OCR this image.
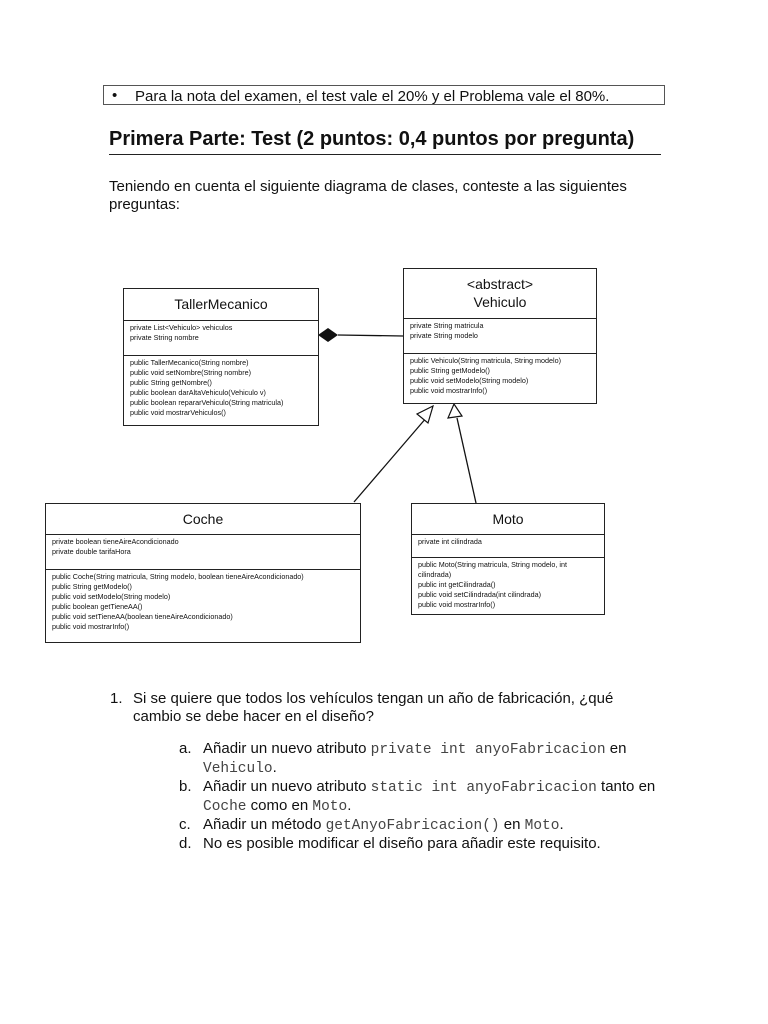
• Para la nota del examen, el test vale el 20% y el Problema vale el 80%.
Primera Parte: Test (2 puntos: 0,4 puntos por pregunta)
Teniendo en cuenta el siguiente diagrama de clases, conteste a las siguientes preguntas:
TallerMecanico
private List<Vehiculo> vehiculos
private String nombre
public TallerMecanico(String nombre)
public void setNombre(String nombre)
public String getNombre()
public boolean darAltaVehiculo(Vehiculo v)
public boolean repararVehiculo(String matricula)
public void mostrarVehiculos()
<abstract>
Vehiculo
private String matricula
private String modelo
public Vehiculo(String matricula, String modelo)
public String getModelo()
public void setModelo(String modelo)
public void mostrarInfo()
Coche
private boolean tieneAireAcondicionado
private double tarifaHora
public Coche(String matricula, String modelo, boolean tieneAireAcondicionado)
public String getModelo()
public void setModelo(String modelo)
public boolean getTieneAA()
public void setTieneAA(boolean tieneAireAcondicionado)
public void mostrarInfo()
Moto
private int cilindrada
public Moto(String matricula, String modelo, int cilindrada)
public int getCilindrada()
public void setCilindrada(int cilindrada)
public void mostrarInfo()
1. Si se quiere que todos los vehículos tengan un año de fabricación, ¿qué cambio se debe hacer en el diseño?
a. Añadir un nuevo atributo private int anyoFabricacion en Vehiculo.
b. Añadir un nuevo atributo static int anyoFabricacion tanto en Coche como en Moto.
c. Añadir un método getAnyoFabricacion() en Moto.
d. No es posible modificar el diseño para añadir este requisito.
